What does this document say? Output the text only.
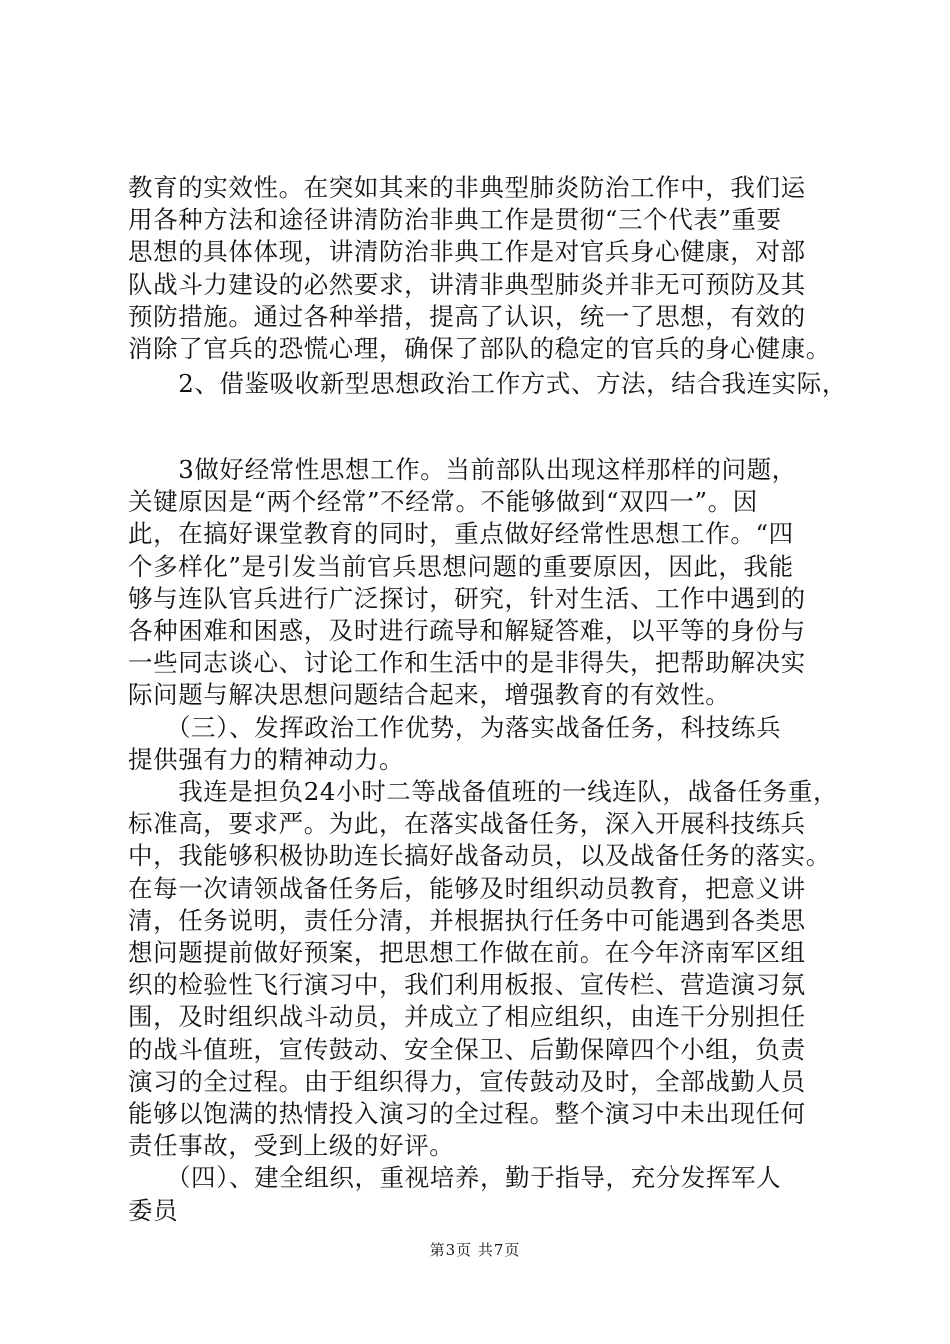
教育的实效性。在突如其来的非典型肺炎防治工作中，我们运
用各种方法和途径讲清防治非典工作是贯彻“三个代表”重要
思想的具体体现，讲清防治非典工作是对官兵身心健康，对部
队战斗力建设的必然要求，讲清非典型肺炎并非无可预防及其
预防措施。通过各种举措，提高了认识，统一了思想，有效的
消除了官兵的恐慌心理，确保了部队的稳定的官兵的身心健康。
　　2、借鉴吸收新型思想政治工作方式、方法，结合我连实际，
　　3做好经常性思想工作。当前部队出现这样那样的问题，
关键原因是“两个经常”不经常。不能够做到“双四一”。因
此，在搞好课堂教育的同时，重点做好经常性思想工作。“四
个多样化”是引发当前官兵思想问题的重要原因，因此，我能
够与连队官兵进行广泛探讨，研究，针对生活、工作中遇到的
各种困难和困惑，及时进行疏导和解疑答难，以平等的身份与
一些同志谈心、讨论工作和生活中的是非得失，把帮助解决实
际问题与解决思想问题结合起来，增强教育的有效性。
　　（三）、发挥政治工作优势，为落实战备任务，科技练兵
提供强有力的精神动力。
　　我连是担负24小时二等战备值班的一线连队，战备任务重，
标准高，要求严。为此，在落实战备任务，深入开展科技练兵
中，我能够积极协助连长搞好战备动员，以及战备任务的落实。
在每一次请领战备任务后，能够及时组织动员教育，把意义讲
清，任务说明，责任分清，并根据执行任务中可能遇到各类思
想问题提前做好预案，把思想工作做在前。在今年济南军区组
织的检验性飞行演习中，我们利用板报、宣传栏、营造演习氛
围，及时组织战斗动员，并成立了相应组织，由连干分别担任
的战斗值班，宣传鼓动、安全保卫、后勤保障四个小组，负责
演习的全过程。由于组织得力，宣传鼓动及时，全部战勤人员
能够以饱满的热情投入演习的全过程。整个演习中未出现任何
责任事故，受到上级的好评。
　　（四）、建全组织，重视培养，勤于指导，充分发挥军人
委员
第3页 共7页
